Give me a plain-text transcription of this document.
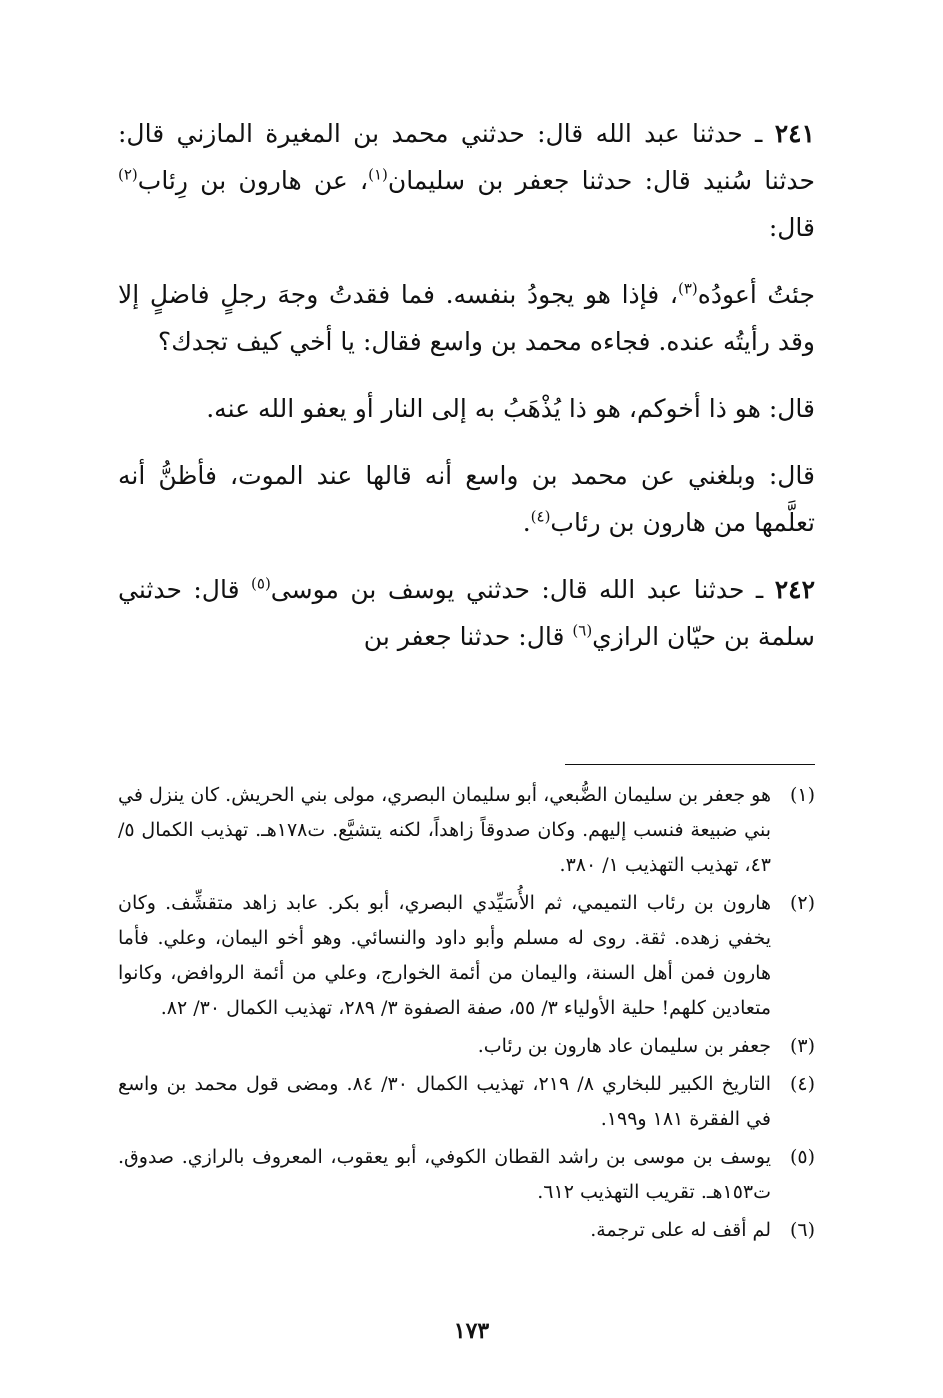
٢٤١ ـ حدثنا عبد الله قال: حدثني محمد بن المغيرة المازني قال: حدثنا سُنيد قال: حدثنا جعفر بن سليمان$^{(١)}$، عن هارون بن رِئاب$^{(٢)}$ قال:

جئتُ أعودُه$^{(٣)}$، فإذا هو يجودُ بنفسه. فما فقدتُ وجهَ رجلٍ فاضلٍ إلا وقد رأيتُه عنده. فجاءه محمد بن واسع فقال: يا أخي كيف تجدك؟

قال: هو ذا أخوكم، هو ذا يُذْهَبُ به إلى النار أو يعفو الله عنه.

قال: وبلغني عن محمد بن واسع أنه قالها عند الموت، فأظنُّ أنه تعلَّمها من هارون بن رئاب$^{(٤)}$.

٢٤٢ ـ حدثنا عبد الله قال: حدثني يوسف بن موسى$^{(٥)}$ قال: حدثني سلمة بن حيّان الرازي$^{(٦)}$ قال: حدثنا جعفر بن

(١)
هو جعفر بن سليمان الضُّبعي، أبو سليمان البصري، مولى بني الحريش. كان ينزل في بني ضبيعة فنسب إليهم. وكان صدوقاً زاهداً، لكنه يتشيَّع. ت١٧٨هـ. تهذيب الكمال ٥/ ٤٣، تهذيب التهذيب ١/ ٣٨٠.
(٢)
هارون بن رئاب التميمي، ثم الأُسَيِّدي البصري، أبو بكر. عابد زاهد متقشِّف. وكان يخفي زهده. ثقة. روى له مسلم وأبو داود والنسائي. وهو أخو اليمان، وعلي. فأما هارون فمن أهل السنة، واليمان من أئمة الخوارج، وعلي من أئمة الروافض، وكانوا متعادين كلهم! حلية الأولياء ٣/ ٥٥، صفة الصفوة ٣/ ٢٨٩، تهذيب الكمال ٣٠/ ٨٢.
(٣)
جعفر بن سليمان عاد هارون بن رئاب.
(٤)
التاريخ الكبير للبخاري ٨/ ٢١٩، تهذيب الكمال ٣٠/ ٨٤. ومضى قول محمد بن واسع في الفقرة ١٨١ و١٩٩.
(٥)
يوسف بن موسى بن راشد القطان الكوفي، أبو يعقوب، المعروف بالرازي. صدوق. ت١٥٣هـ. تقريب التهذيب ٦١٢.
(٦)
لم أقف له على ترجمة.
١٧٣
